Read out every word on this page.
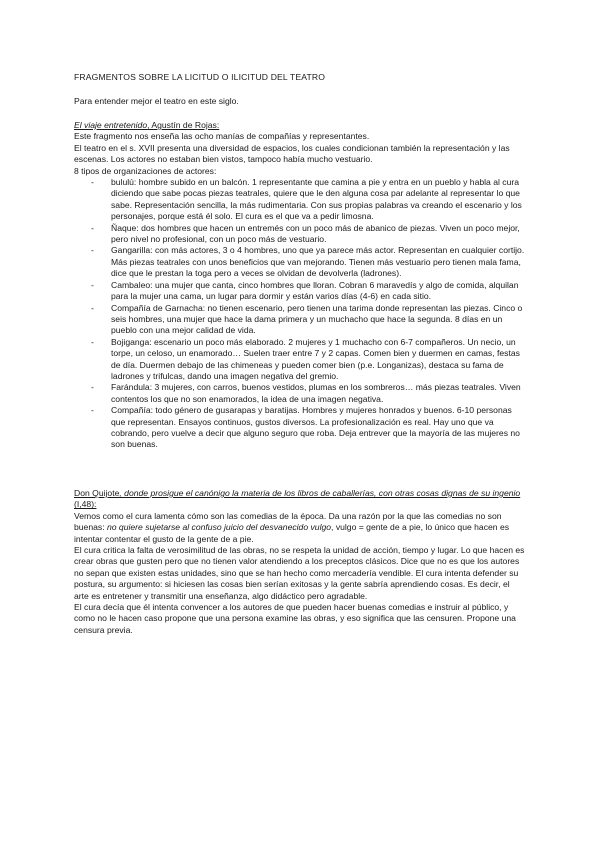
FRAGMENTOS SOBRE LA LICITUD O ILICITUD DEL TEATRO
Para entender mejor el teatro en este siglo.

El viaje entretenido, Agustín de Rojas:

Este fragmento nos enseña las ocho manías de compañías y representantes.

El teatro en el s. XVII presenta una diversidad de espacios, los cuales condicionan también la representación y las escenas. Los actores no estaban bien vistos, tampoco había mucho vestuario.

8 tipos de organizaciones de actores:

- bululú: hombre subido en un balcón. 1 representante que camina a pie y entra en un pueblo y habla al cura diciendo que sabe pocas piezas teatrales, quiere que le den alguna cosa par adelante al representar lo que sabe. Representación sencilla, la más rudimentaria. Con sus propias palabras va creando el escenario y los personajes, porque está él solo. El cura es el que va a pedir limosna.
- Ñaque: dos hombres que hacen un entremés con un poco más de abanico de piezas. Viven un poco mejor, pero nivel no profesional, con un poco más de vestuario.
- Gangarilla: con más actores, 3 o 4 hombres, uno que ya parece más actor. Representan en cualquier cortijo. Más piezas teatrales con unos beneficios que van mejorando. Tienen más vestuario pero tienen mala fama, dice que le prestan la toga pero a veces se olvidan de devolverla (ladrones).
- Cambaleo: una mujer que canta, cinco hombres que lloran. Cobran 6 maravedís y algo de comida, alquilan para la mujer una cama, un lugar para dormir y están varios días (4-6) en cada sitio.
- Compañía de Garnacha: no tienen escenario, pero tienen una tarima donde representan las piezas. Cinco o seis hombres, una mujer que hace la dama primera y un muchacho que hace la segunda. 8 días en un pueblo con una mejor calidad de vida.
- Bojiganga: escenario un poco más elaborado. 2 mujeres y 1 muchacho con 6-7 compañeros. Un necio, un torpe, un celoso, un enamorado… Suelen traer entre 7 y 2 capas. Comen bien y duermen en camas, festas de día. Duermen debajo de las chimeneas y pueden comer bien (p.e. Longanizas), destaca su fama de ladrones y trifulcas, dando una imagen negativa del gremio.
- Farándula: 3 mujeres, con carros, buenos vestidos, plumas en los sombreros… más piezas teatrales. Viven contentos los que no son enamorados, la idea de una imagen negativa.
- Compañía: todo género de gusarapas y baratijas. Hombres y mujeres honrados y buenos. 6-10 personas que representan. Ensayos continuos, gustos diversos. La profesionalización es real. Hay uno que va cobrando, pero vuelve a decir que alguno seguro que roba. Deja entrever que la mayoría de las mujeres no son buenas.

Don Quijote, donde prosigue el canónigo la materia de los libros de caballerías, con otras cosas dignas de su ingenio (I,48):

Vemos como el cura lamenta cómo son las comedias de la época. Da una razón por la que las comedias no son buenas: no quiere sujetarse al confuso juicio del desvanecido vulgo, vulgo = gente de a pie, lo único que hacen es intentar contentar el gusto de la gente de a pie.

El cura critica la falta de verosimilitud de las obras, no se respeta la unidad de acción, tiempo y lugar. Lo que hacen es crear obras que gusten pero que no tienen valor atendiendo a los preceptos clásicos. Dice que no es que los autores no sepan que existen estas unidades, sino que se han hecho como mercadería vendible. El cura intenta defender su postura, su argumento: si hiciesen las cosas bien serían exitosas y la gente sabría aprendiendo cosas. Es decir, el arte es entretener y transmitir una enseñanza, algo didáctico pero agradable.

El cura decía que él intenta convencer a los autores de que pueden hacer buenas comedias e instruir al público, y como no le hacen caso propone que una persona examine las obras, y eso significa que las censuren. Propone una censura previa.
